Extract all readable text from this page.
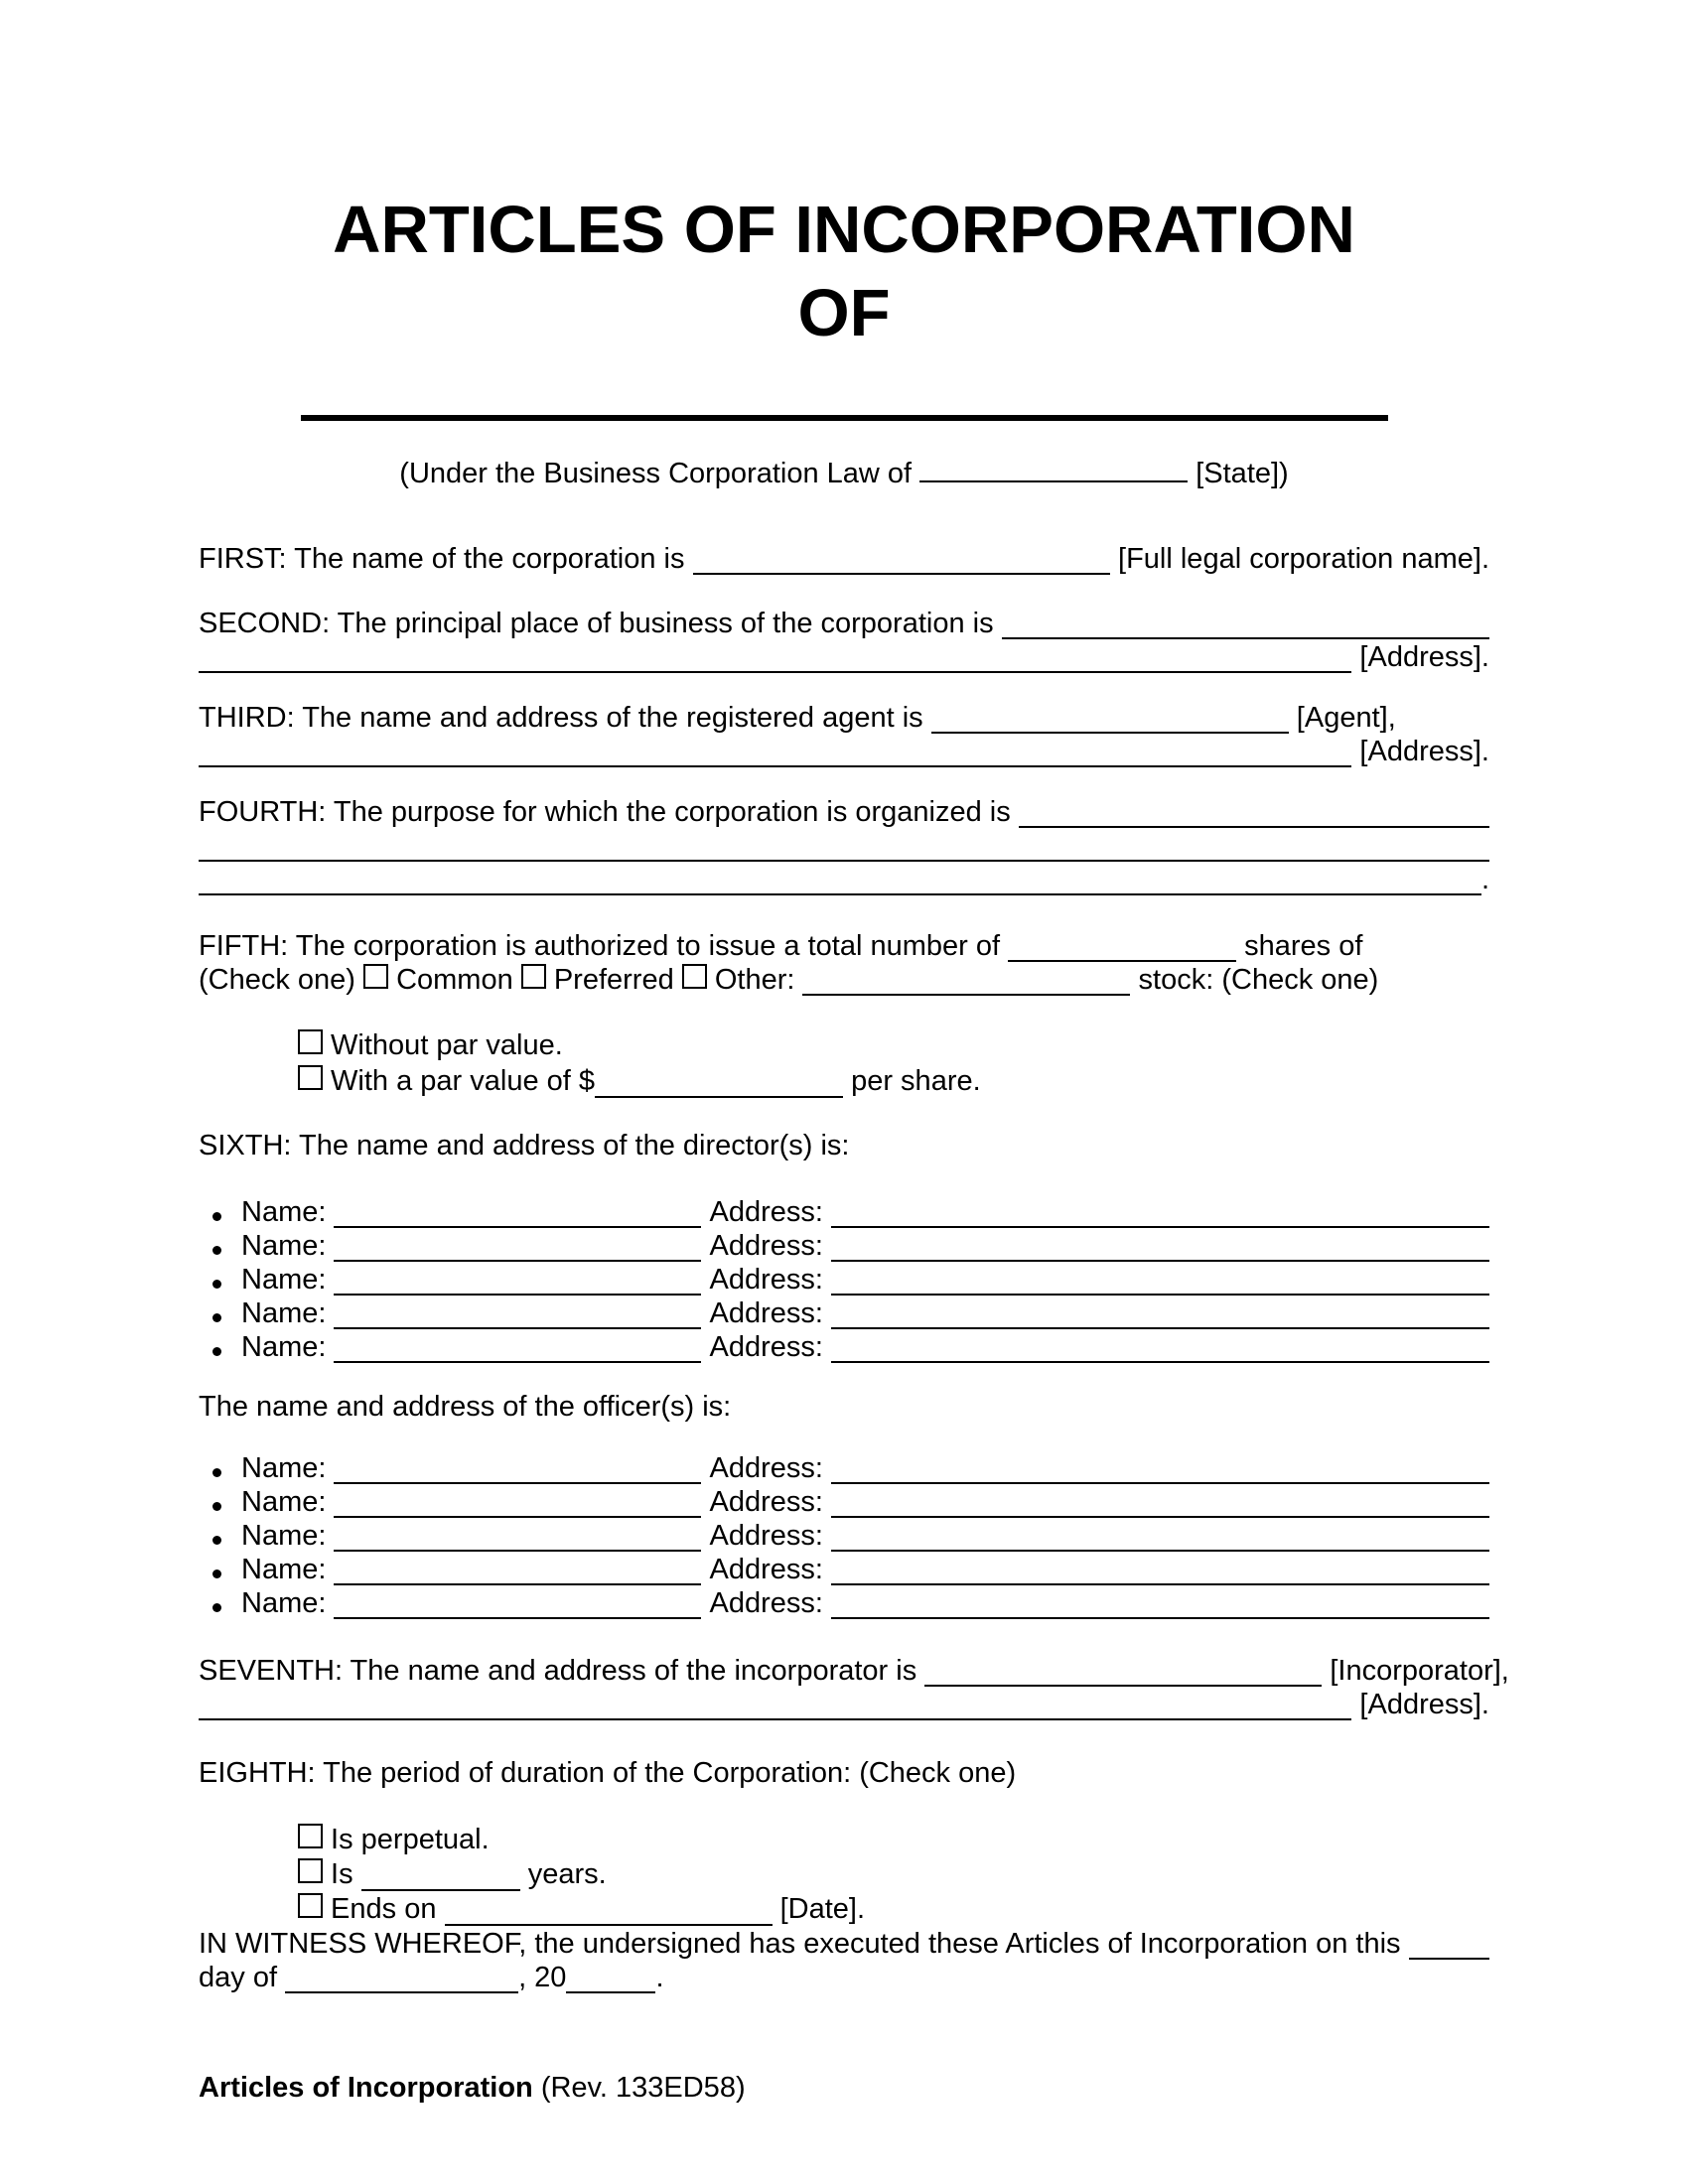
ARTICLES OF INCORPORATION
OF
(Under the Business Corporation Law of	[State])
FIRST: The name of the corporation is	[Full legal corporation name].
SECOND: The principal place of business of the corporation is
[Address].
THIRD: The name and address of the registered agent is	[Agent],
[Address].
FOURTH: The purpose for which the corporation is organized is
.
FIFTH: The corporation is authorized to issue a total number of	shares of
(Check one) Common Preferred Other:	stock: (Check one)
Without par value.
With a par value of $	per share.
SIXTH: The name and address of the director(s) is:
Name:	Address:
Name:	Address:
Name:	Address:
Name:	Address:
Name:	Address:
The name and address of the officer(s) is:
Name:	Address:
Name:	Address:
Name:	Address:
Name:	Address:
Name:	Address:
SEVENTH: The name and address of the incorporator is	[Incorporator],
[Address].
EIGHTH: The period of duration of the Corporation: (Check one)
Is perpetual.
Is	years.
Ends on	[Date].
IN WITNESS WHEREOF, the undersigned has executed these Articles of Incorporation on this
day of	, 20	.
Articles of Incorporation (Rev. 133ED58)
